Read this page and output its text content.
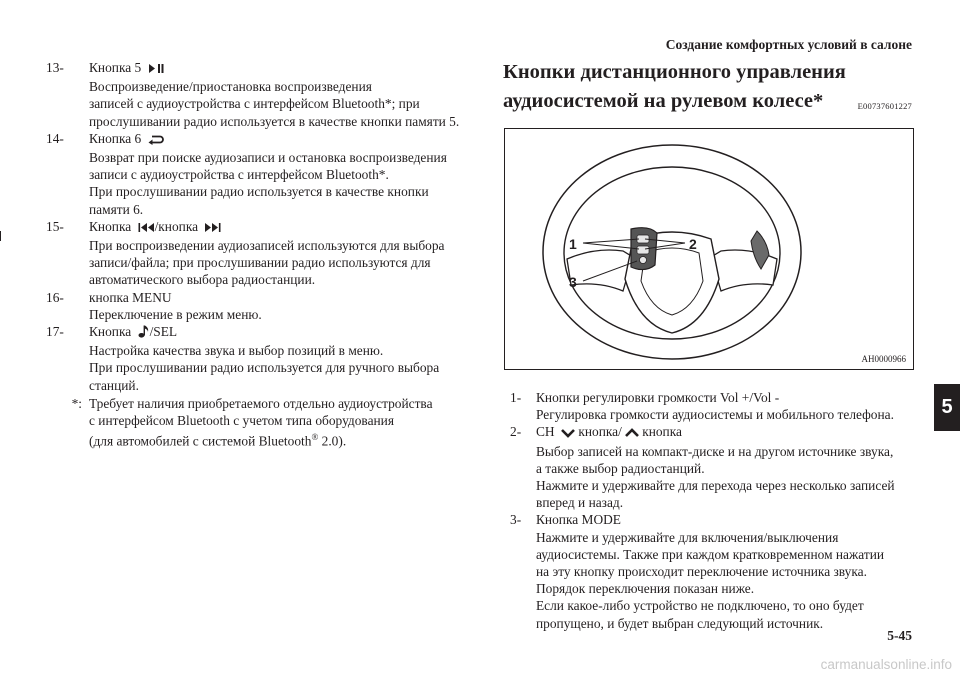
Создание комфортных условий в салоне
13-	Кнопка 5
Воспроизведение/приостановка воспроизведения
записей с аудиоустройства с интерфейсом Bluetooth*; при
прослушивании радио используется в качестве кнопки памяти 5.
14-	Кнопка 6
Возврат при поиске аудиозаписи и остановка воспроизведения
записи с аудиоустройства с интерфейсом Bluetooth*.
При прослушивании радио используется в качестве кнопки
памяти 6.
15-	Кнопка /кнопка
При воспроизведении аудиозаписей используются для выбора
записи/файла; при прослушивании радио используются для
автоматического выбора радиостанции.
16-	кнопка MENU
Переключение в режим меню.
17-	Кнопка /SEL
Настройка качества звука и выбор позиций в меню.
При прослушивании радио используется для ручного выбора
станций.
*: Требует наличия приобретаемого отдельно аудиоустройства
с интерфейсом Bluetooth с учетом типа оборудования
(для автомобилей с системой Bluetooth® 2.0).
Кнопки дистанционного управления
аудиосистемой на рулевом колесе*	E00737601227
1	2
3
AH0000966
1-	Кнопки регулировки громкости Vol +/Vol -
Регулировка громкости аудиосистемы и мобильного телефона.
2-	CH кнопка/ кнопка
Выбор записей на компакт-диске и на другом источнике звука,
а также выбор радиостанций.
Нажмите и удерживайте для перехода через несколько записей
вперед и назад.
3-	Кнопка MODE
Нажмите и удерживайте для включения/выключения
аудиосистемы. Также при каждом кратковременном нажатии
на эту кнопку происходит переключение источника звука.
Порядок переключения показан ниже.
Если какое-либо устройство не подключено, то оно будет
пропущено, и будет выбран следующий источник.
5
5-45
carmanualsonline.info
